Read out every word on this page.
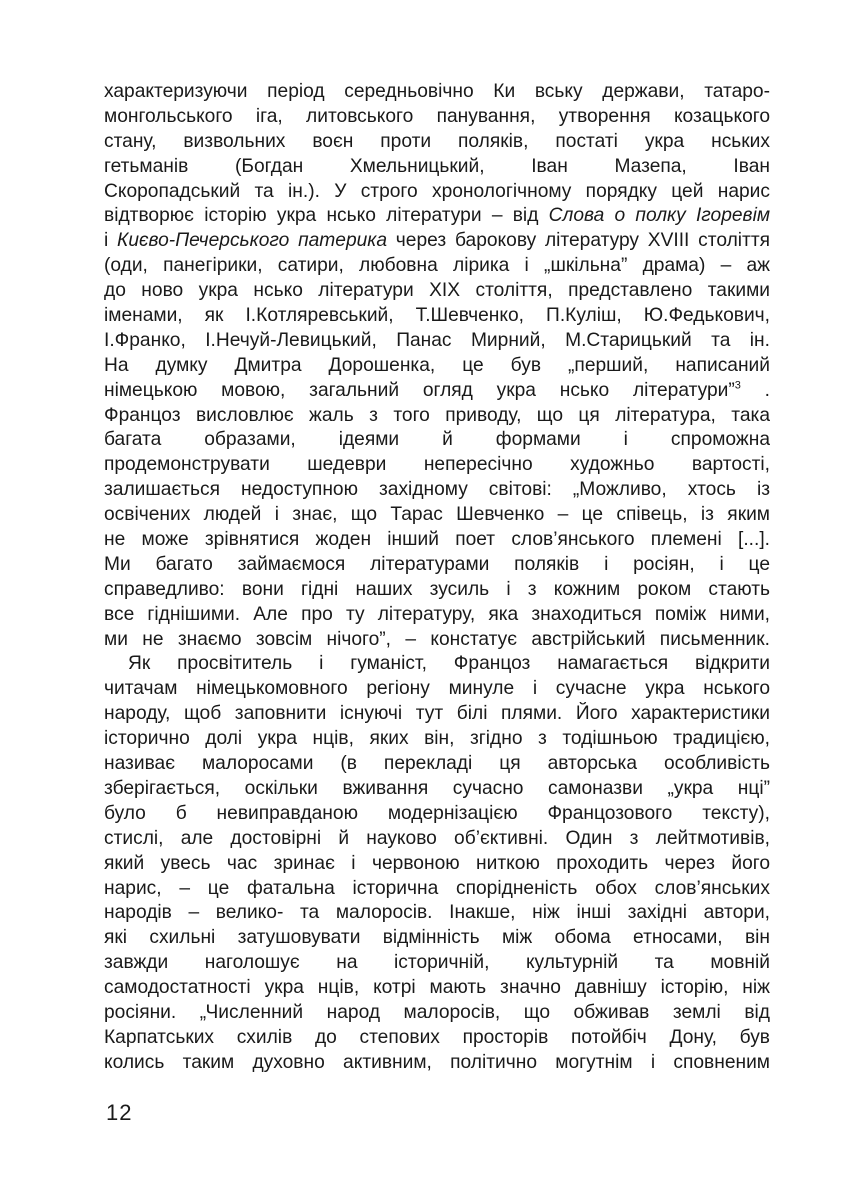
характеризуючи період середньовічно Ки вську держави, татаро-
монгольського іга, литовського панування, утворення козацького
стану, визвольних воєн проти поляків, постаті укра нських
гетьманів (Богдан Хмельницький, Іван Мазепа, Іван
Скоропадський та ін.). У строго хронологічному порядку цей нарис
відтворює історію укра нсько літератури – від Слова о полку Ігоревім
і Києво-Печерського патерика через барокову літературу XVIII століття
(оди, панегірики, сатири, любовна лірика і „шкільна” драма) – аж
до ново укра нсько літератури XIX століття, представлено такими
іменами, як І.Котляревський, Т.Шевченко, П.Куліш, Ю.Федькович,
І.Франко, І.Нечуй-Левицький, Панас Мирний, М.Старицький та ін.
На думку Дмитра Дорошенка, це був „перший, написаний
німецькою мовою, загальний огляд укра нсько літератури”$^3$ .
Францоз висловлює жаль з того приводу, що ця література, така
багата образами, ідеями й формами і спроможна
продемонструвати шедеври непересічно художньо вартості,
залишається недоступною західному світові: „Можливо, хтось із
освічених людей і знає, що Тарас Шевченко – це співець, із яким
не може зрівнятися жоден інший поет слов’янського племені [...].
Ми багато займаємося літературами поляків і росіян, і це
справедливо: вони гідні наших зусиль і з кожним роком стають
все гіднішими. Але про ту літературу, яка знаходиться поміж ними,
ми не знаємо зовсім нічого”, – констатує австрійський письменник.
Як просвітитель і гуманіст, Францоз намагається відкрити
читачам німецькомовного регіону минуле і сучасне укра нського
народу, щоб заповнити існуючі тут білі плями. Його характеристики
історично долі укра нців, яких він, згідно з тодішньою традицією,
називає малоросами (в перекладі ця авторська особливість
зберігається, оскільки вживання сучасно самоназви „укра нці”
було б невиправданою модернізацією Францозового тексту),
стислі, але достовірні й науково об’єктивні. Один з лейтмотивів,
який увесь час зринає і червоною ниткою проходить через його
нарис, – це фатальна історична спорідненість обох слов’янських
народів – велико- та малоросів. Інакше, ніж інші західні автори,
які схильні затушовувати відмінність між обома етносами, він
завжди наголошує на історичній, культурній та мовній
самодостатності укра нців, котрі мають значно давнішу історію, ніж
росіяни. „Численний народ малоросів, що обживав землі від
Карпатських схилів до степових просторів потойбіч Дону, був
колись таким духовно активним, політично могутнім і сповненим
12
